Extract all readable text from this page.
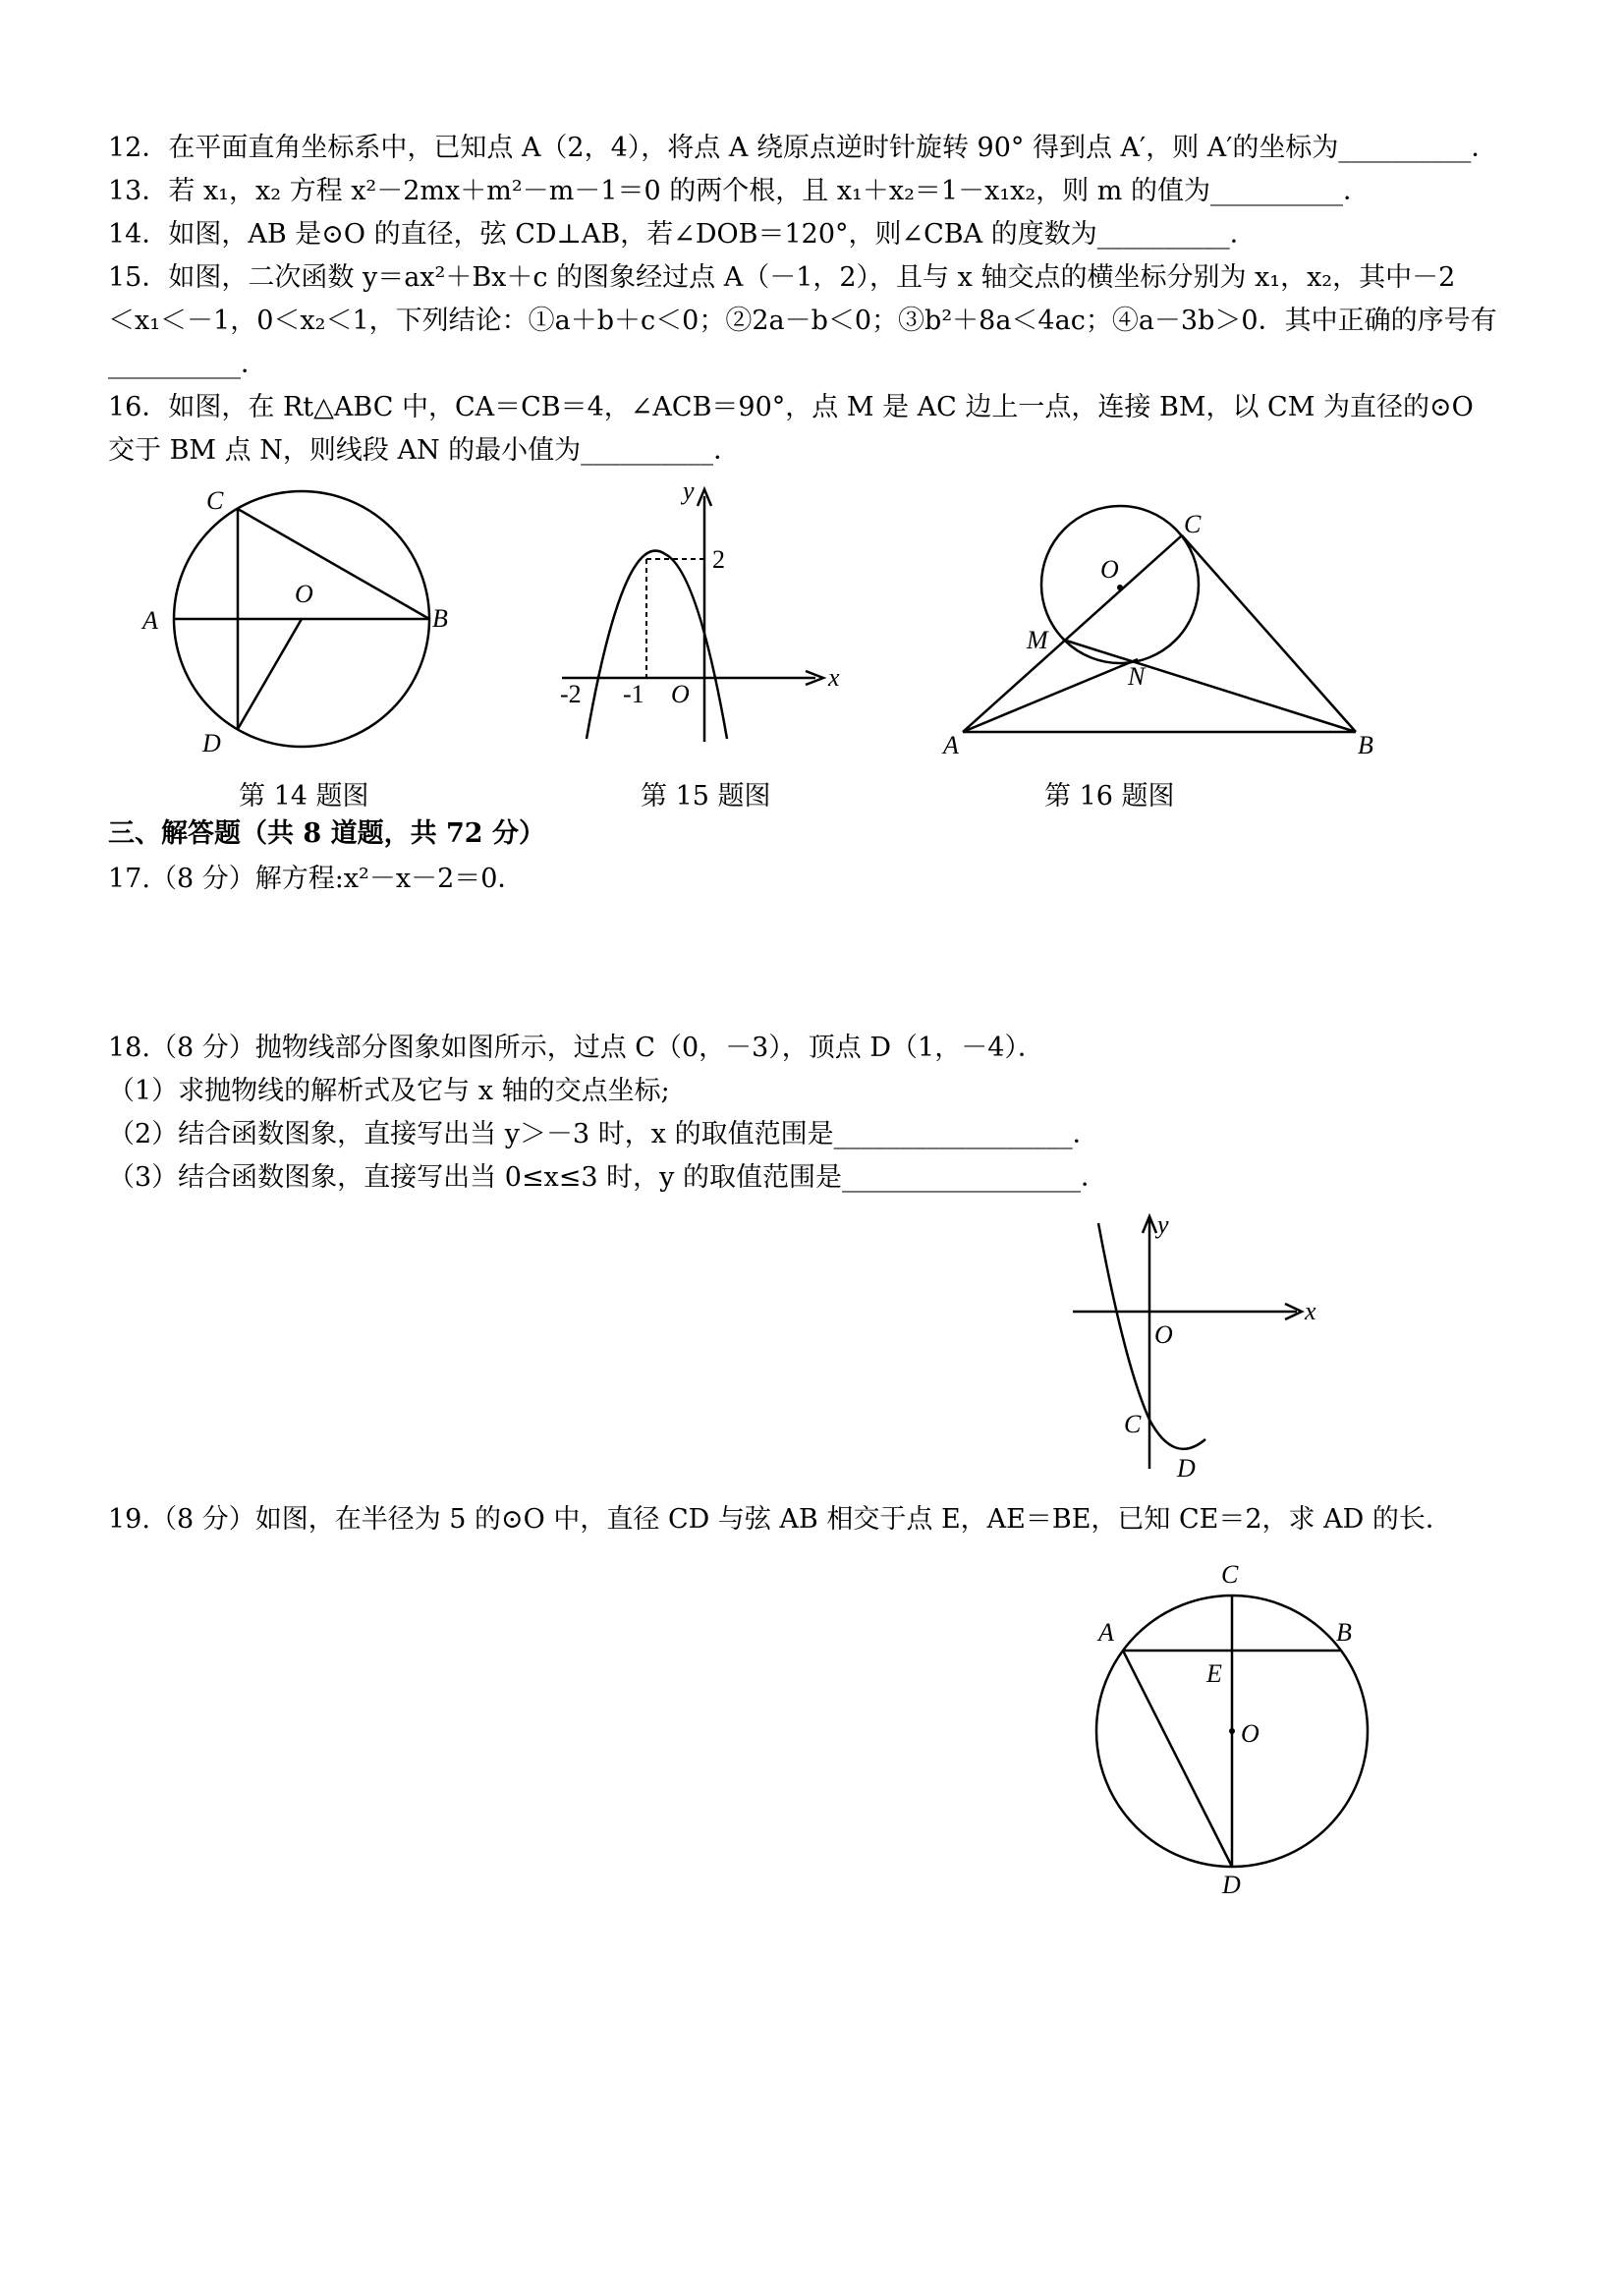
12．在平面直角坐标系中，已知点 A（2，4），将点 A 绕原点逆时针旋转 90° 得到点 A′，则 A′的坐标为__________．
13．若 x₁，x₂ 方程 x²－2mx＋m²－m－1＝0 的两个根，且 x₁＋x₂＝1－x₁x₂，则 m 的值为__________．
14．如图，AB 是⊙O 的直径，弦 CD⊥AB，若∠DOB＝120°，则∠CBA 的度数为__________．
15．如图，二次函数 y＝ax²＋Bx＋c 的图象经过点 A（－1，2），且与 x 轴交点的横坐标分别为 x₁，x₂，其中－2
＜x₁＜－1，0＜x₂＜1，下列结论：①a＋b＋c＜0；②2a－b＜0；③b²＋8a＜4ac；④a－3b＞0．其中正确的序号有
__________．
16．如图，在 Rt△ABC 中，CA＝CB＝4，∠ACB＝90°，点 M 是 AC 边上一点，连接 BM，以 CM 为直径的⊙O
交于 BM 点 N，则线段 AN 的最小值为__________．
C
A
O
B
D
y
2
x
-2 -1 O
C
O
M
N
A	B
第 14 题图	第 15 题图	第 16 题图
三、解答题（共 8 道题，共 72 分）
17.（8 分）解方程:x²－x－2＝0．
18.（8 分）抛物线部分图象如图所示，过点 C（0，－3），顶点 D（1，－4）．
（1）求抛物线的解析式及它与 x 轴的交点坐标;
（2）结合函数图象，直接写出当 y＞－3 时，x 的取值范围是__________________．
（3）结合函数图象，直接写出当 0≤x≤3 时，y 的取值范围是__________________．
y
x
O
C
D
19.（8 分）如图，在半径为 5 的⊙O 中，直径 CD 与弦 AB 相交于点 E，AE＝BE，已知 CE＝2，求 AD 的长．
C
A	B
E
O
D
